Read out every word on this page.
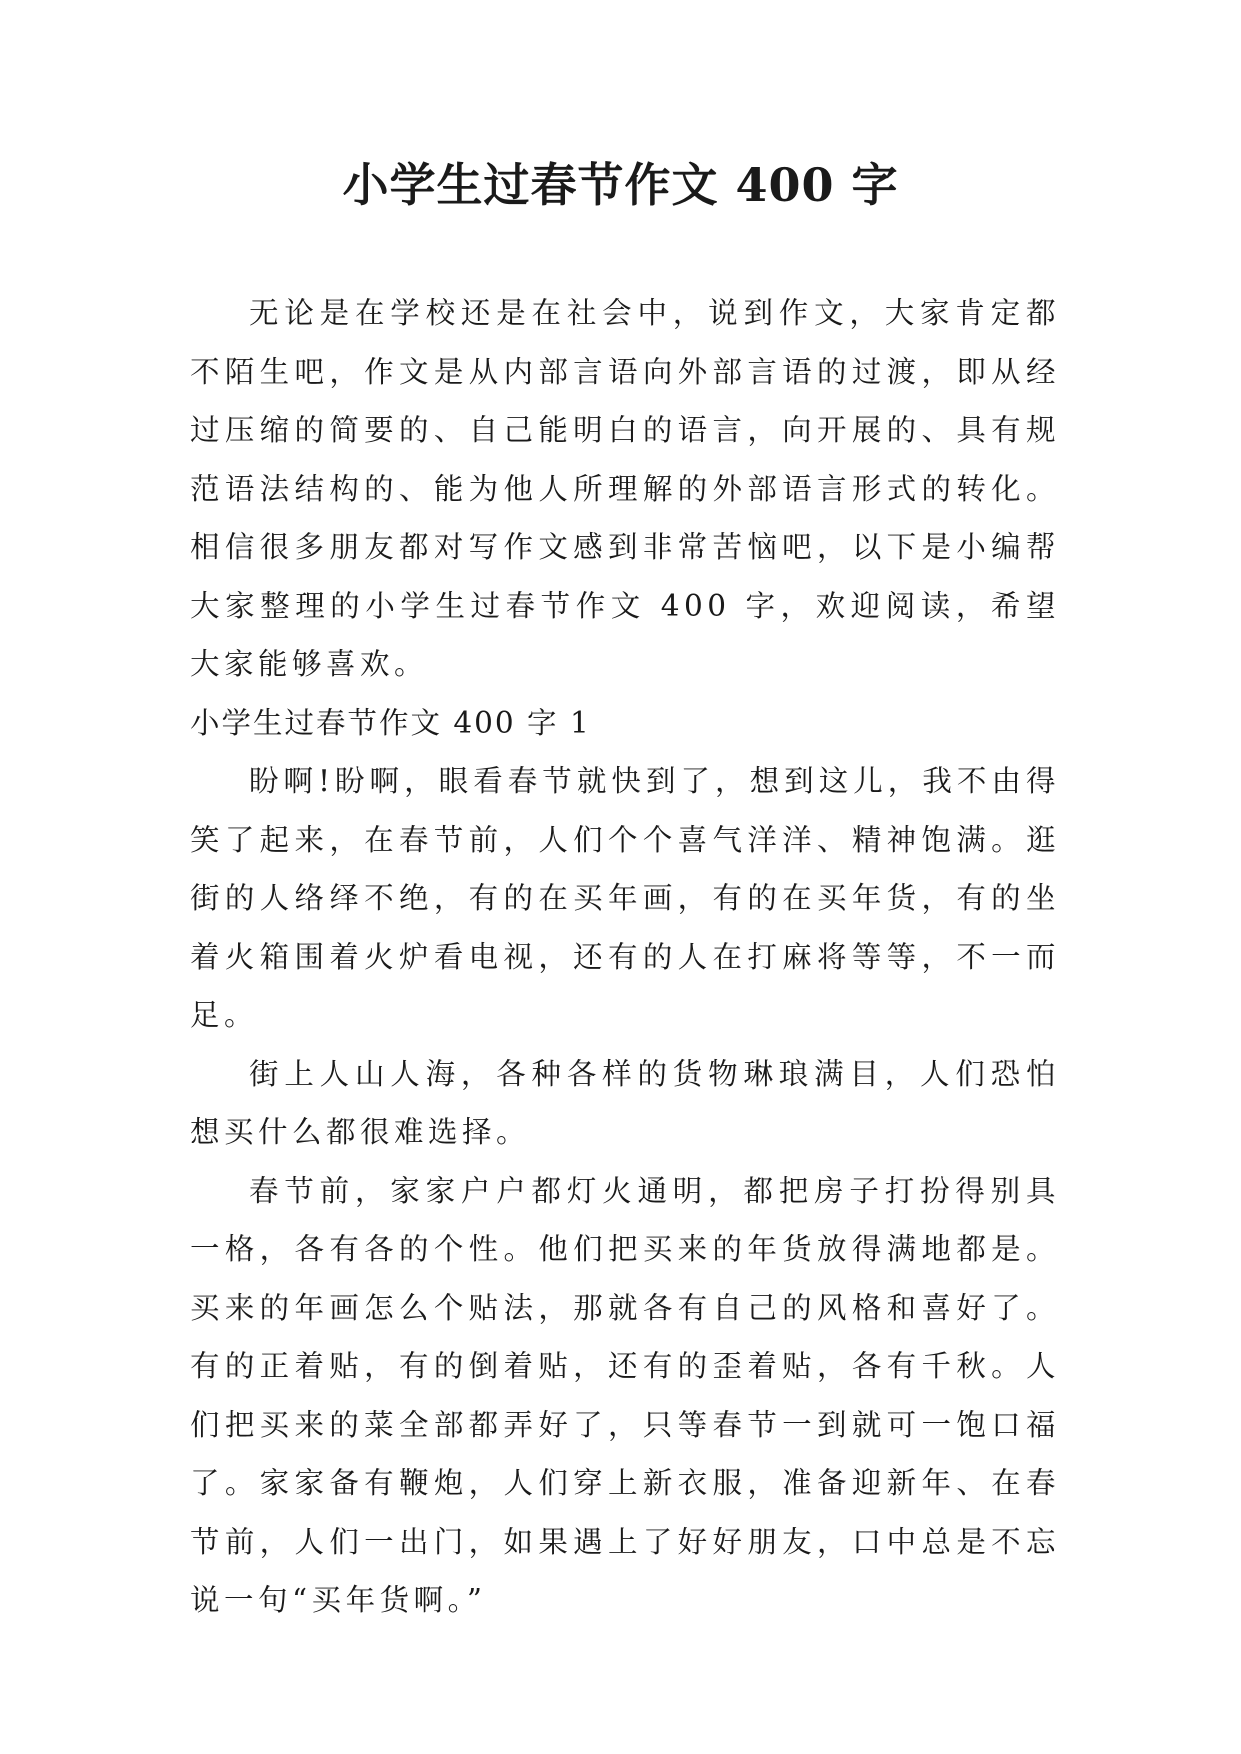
小学生过春节作文 400 字

无论是在学校还是在社会中，说到作文，大家肯定都不陌生吧，作文是从内部言语向外部言语的过渡，即从经过压缩的简要的、自己能明白的语言，向开展的、具有规范语法结构的、能为他人所理解的外部语言形式的转化。相信很多朋友都对写作文感到非常苦恼吧，以下是小编帮大家整理的小学生过春节作文 400 字，欢迎阅读，希望大家能够喜欢。

小学生过春节作文 400 字 1

盼啊!盼啊，眼看春节就快到了，想到这儿，我不由得笑了起来，在春节前，人们个个喜气洋洋、精神饱满。逛街的人络绎不绝，有的在买年画，有的在买年货，有的坐着火箱围着火炉看电视，还有的人在打麻将等等，不一而足。

街上人山人海，各种各样的货物琳琅满目，人们恐怕想买什么都很难选择。

春节前，家家户户都灯火通明，都把房子打扮得别具一格，各有各的个性。他们把买来的年货放得满地都是。买来的年画怎么个贴法，那就各有自己的风格和喜好了。有的正着贴，有的倒着贴，还有的歪着贴，各有千秋。人们把买来的菜全部都弄好了，只等春节一到就可一饱口福了。家家备有鞭炮，人们穿上新衣服，准备迎新年、在春节前，人们一出门，如果遇上了好好朋友，口中总是不忘说一句“买年货啊。”
